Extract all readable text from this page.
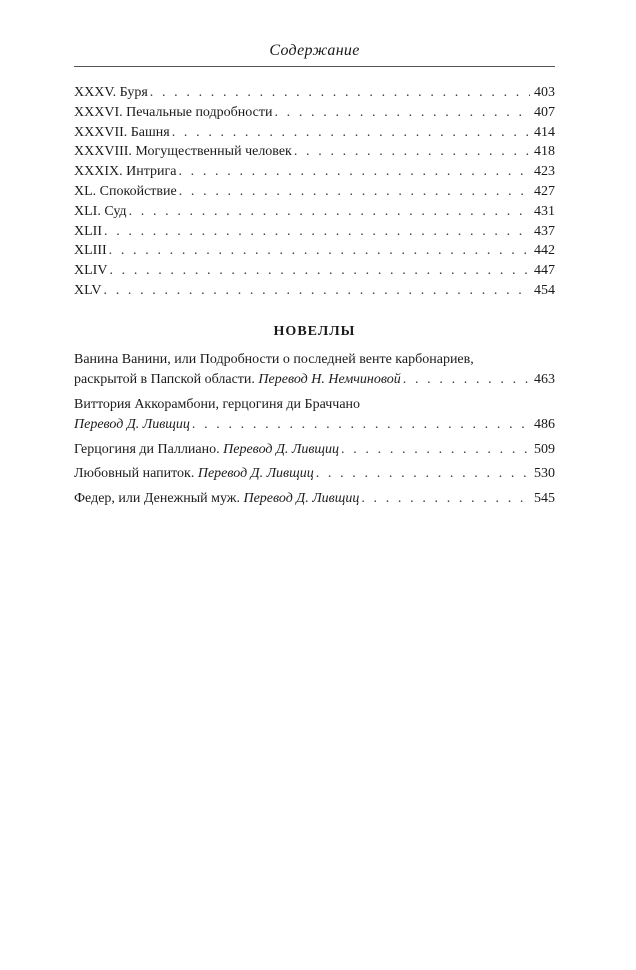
Содержание
XXXV. Буря . . .	403
XXXVI. Печальные подробности . . .	407
XXXVII. Башня . . .	414
XXXVIII. Могущественный человек . . .	418
XXXIX. Интрига . . .	423
XL. Спокойствие . . .	427
XLI. Суд . . .	431
XLII . . .	437
XLIII . . .	442
XLIV . . .	447
XLV . . .	454
НОВЕЛЛЫ
Ванина Ванини, или Подробности о последней венте карбонариев,
раскрытой в Папской области. Перевод Н. Немчиновой . . .	463
Виттория Аккорамбони, герцогиня ди Браччано
Перевод Д. Ливщиц . . .	486
Герцогиня ди Паллиано. Перевод Д. Ливщиц . . .	509
Любовный напиток. Перевод Д. Ливщиц . . .	530
Федер, или Денежный муж. Перевод Д. Ливщиц . . .	545
